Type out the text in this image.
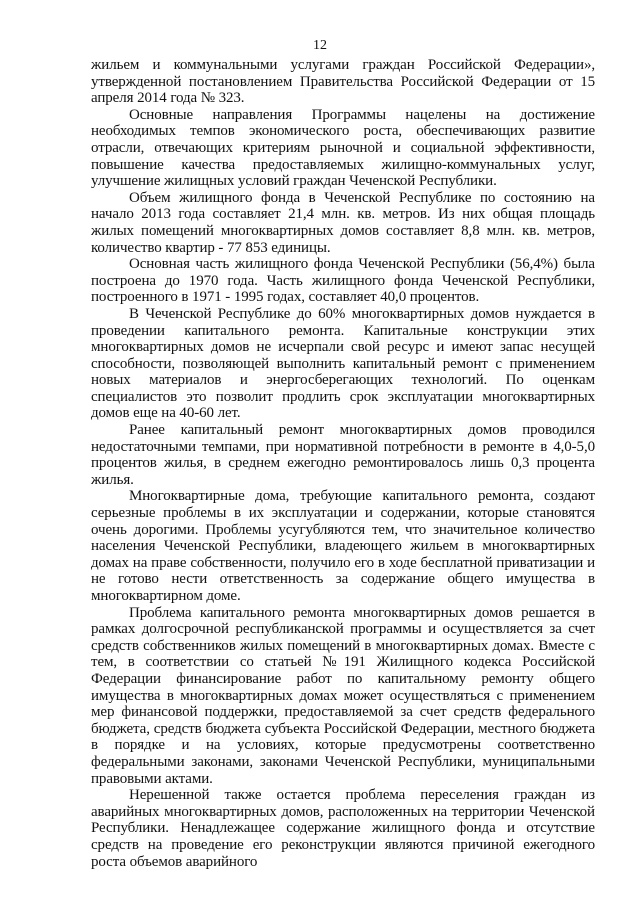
12

жильем и коммунальными услугами граждан Российской Федерации», утвержденной постановлением Правительства Российской Федерации от 15 апреля 2014 года № 323.

Основные направления Программы нацелены на достижение необходимых темпов экономического роста, обеспечивающих развитие отрасли, отвечающих критериям рыночной и социальной эффективности, повышение качества предоставляемых жилищно-коммунальных услуг, улучшение жилищных условий граждан Чеченской Республики.

Объем жилищного фонда в Чеченской Республике по состоянию на начало 2013 года составляет 21,4 млн. кв. метров. Из них общая площадь жилых помещений многоквартирных домов составляет 8,8 млн. кв. метров, количество квартир - 77 853 единицы.

Основная часть жилищного фонда Чеченской Республики (56,4%) была построена до 1970 года. Часть жилищного фонда Чеченской Республики, построенного в 1971 - 1995 годах, составляет 40,0 процентов.

В Чеченской Республике до 60% многоквартирных домов нуждается в проведении капитального ремонта. Капитальные конструкции этих многоквартирных домов не исчерпали свой ресурс и имеют запас несущей способности, позволяющей выполнить капитальный ремонт с применением новых материалов и энергосберегающих технологий. По оценкам специалистов это позволит продлить срок эксплуатации многоквартирных домов еще на 40-60 лет.

Ранее капитальный ремонт многоквартирных домов проводился недостаточными темпами, при нормативной потребности в ремонте в 4,0-5,0 процентов жилья, в среднем ежегодно ремонтировалось лишь 0,3 процента жилья.

Многоквартирные дома, требующие капитального ремонта, создают серьезные проблемы в их эксплуатации и содержании, которые становятся очень дорогими. Проблемы усугубляются тем, что значительное количество населения Чеченской Республики, владеющего жильем в многоквартирных домах на праве собственности, получило его в ходе бесплатной приватизации и не готово нести ответственность за содержание общего имущества в многоквартирном доме.

Проблема капитального ремонта многоквартирных домов решается в рамках долгосрочной республиканской программы и осуществляется за счет средств собственников жилых помещений в многоквартирных домах. Вместе с тем, в соответствии со статьей №191 Жилищного кодекса Российской Федерации финансирование работ по капитальному ремонту общего имущества в многоквартирных домах может осуществляться с применением мер финансовой поддержки, предоставляемой за счет средств федерального бюджета, средств бюджета субъекта Российской Федерации, местного бюджета в порядке и на условиях, которые предусмотрены соответственно федеральными законами, законами Чеченской Республики, муниципальными правовыми актами.

Нерешенной также остается проблема переселения граждан из аварийных многоквартирных домов, расположенных на территории Чеченской Республики. Ненадлежащее содержание жилищного фонда и отсутствие средств на проведение его реконструкции являются причиной ежегодного роста объемов аварийного
